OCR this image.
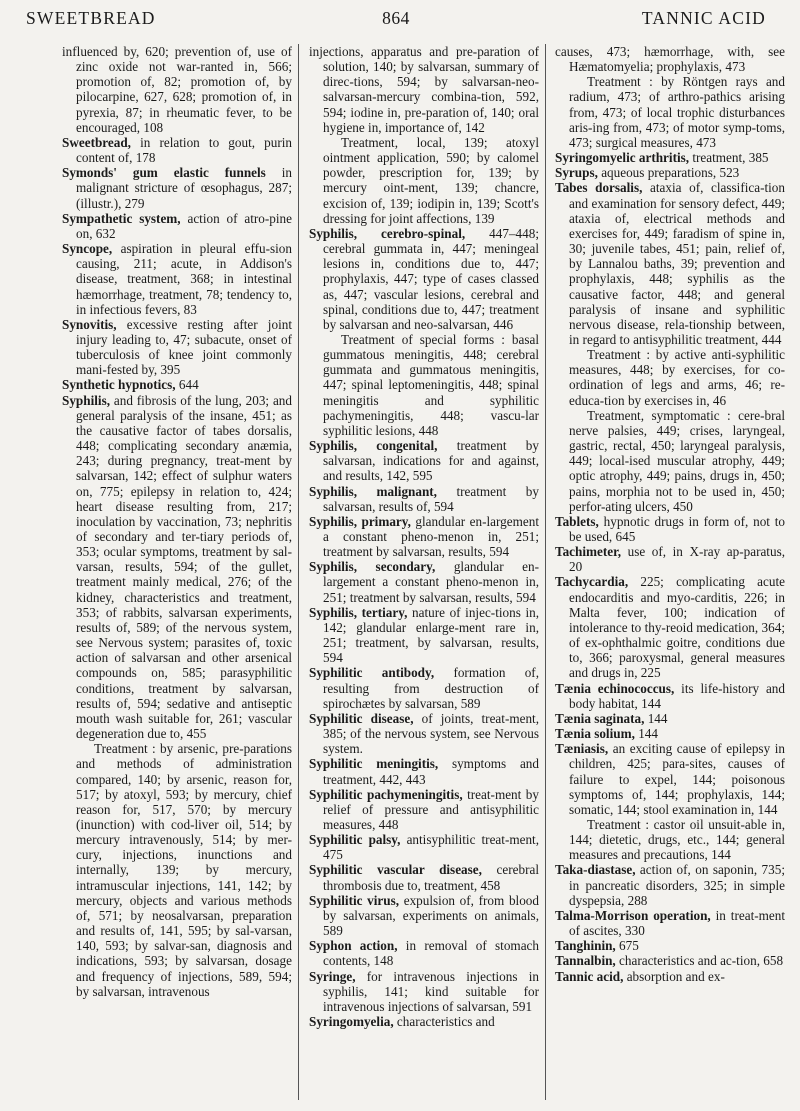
SWEETBREAD	864	TANNIC ACID

influenced by, 620; prevention of, use of zinc oxide not war-ranted in, 566; promotion of, 82; promotion of, by pilocarpine, 627, 628; promotion of, in pyrexia, 87; in rheumatic fever, to be encouraged, 108

Sweetbread, in relation to gout, purin content of, 178

Symonds' gum elastic funnels in malignant stricture of œsophagus, 287; (illustr.), 279

Sympathetic system, action of atro-pine on, 632

Syncope, aspiration in pleural effu-sion causing, 211; acute, in Addison's disease, treatment, 368; in intestinal hæmorrhage, treatment, 78; tendency to, in infectious fevers, 83

Synovitis, excessive resting after joint injury leading to, 47; subacute, onset of tuberculosis of knee joint commonly mani-fested by, 395

Synthetic hypnotics, 644

Syphilis, and fibrosis of the lung, 203; and general paralysis of the insane, 451; as the causative factor of tabes dorsalis, 448; complicating secondary anæmia, 243; during pregnancy, treat-ment by salvarsan, 142; effect of sulphur waters on, 775; epilepsy in relation to, 424; heart disease resulting from, 217; inoculation by vaccination, 73; nephritis of secondary and ter-tiary periods of, 353; ocular symptoms, treatment by sal-varsan, results, 594; of the gullet, treatment mainly medical, 276; of the kidney, characteristics and treatment, 353; of rabbits, salvarsan experiments, results of, 589; of the nervous system, see Nervous system; parasites of, toxic action of salvarsan and other arsenical compounds on, 585; parasyphilitic conditions, treatment by salvarsan, results of, 594; sedative and antiseptic mouth wash suitable for, 261; vascular degeneration due to, 455

Treatment : by arsenic, pre-parations and methods of administration compared, 140; by arsenic, reason for, 517; by atoxyl, 593; by mercury, chief reason for, 517, 570; by mercury (inunction) with cod-liver oil, 514; by mercury intravenously, 514; by mer-cury, injections, inunctions and internally, 139; by mercury, intramuscular injections, 141, 142; by mercury, objects and various methods of, 571; by neosalvarsan, preparation and results of, 141, 595; by sal-varsan, 140, 593; by salvar-san, diagnosis and indications, 593; by salvarsan, dosage and frequency of injections, 589, 594; by salvarsan, intravenous

injections, apparatus and pre-paration of solution, 140; by salvarsan, summary of direc-tions, 594; by salvarsan-neo-salvarsan-mercury combina-tion, 592, 594; iodine in, pre-paration of, 140; oral hygiene in, importance of, 142

Treatment, local, 139; atoxyl ointment application, 590; by calomel powder, prescription for, 139; by mercury oint-ment, 139; chancre, excision of, 139; iodipin in, 139; Scott's dressing for joint affections, 139

Syphilis, cerebro-spinal, 447–448; cerebral gummata in, 447; meningeal lesions in, conditions due to, 447; prophylaxis, 447; type of cases classed as, 447; vascular lesions, cerebral and spinal, conditions due to, 447; treatment by salvarsan and neo-salvarsan, 446

Treatment of special forms : basal gummatous meningitis, 448; cerebral gummata and gummatous meningitis, 447; spinal leptomeningitis, 448; spinal meningitis and syphilitic pachymeningitis, 448; vascu-lar syphilitic lesions, 448

Syphilis, congenital, treatment by salvarsan, indications for and against, and results, 142, 595

Syphilis, malignant, treatment by salvarsan, results of, 594

Syphilis, primary, glandular en-largement a constant pheno-menon in, 251; treatment by salvarsan, results, 594

Syphilis, secondary, glandular en-largement a constant pheno-menon in, 251; treatment by salvarsan, results, 594

Syphilis, tertiary, nature of injec-tions in, 142; glandular enlarge-ment rare in, 251; treatment, by salvarsan, results, 594

Syphilitic antibody, formation of, resulting from destruction of spirochætes by salvarsan, 589

Syphilitic disease, of joints, treat-ment, 385; of the nervous system, see Nervous system.

Syphilitic meningitis, symptoms and treatment, 442, 443

Syphilitic pachymeningitis, treat-ment by relief of pressure and antisyphilitic measures, 448

Syphilitic palsy, antisyphilitic treat-ment, 475

Syphilitic vascular disease, cerebral thrombosis due to, treatment, 458

Syphilitic virus, expulsion of, from blood by salvarsan, experiments on animals, 589

Syphon action, in removal of stomach contents, 148

Syringe, for intravenous injections in syphilis, 141; kind suitable for intravenous injections of salvarsan, 591

Syringomyelia, characteristics and

causes, 473; hæmorrhage, with, see Hæmatomyelia; prophylaxis, 473

Treatment : by Röntgen rays and radium, 473; of arthro-pathics arising from, 473; of local trophic disturbances aris-ing from, 473; of motor symp-toms, 473; surgical measures, 473

Syringomyelic arthritis, treatment, 385

Syrups, aqueous preparations, 523

Tabes dorsalis, ataxia of, classifica-tion and examination for sensory defect, 449; ataxia of, electrical methods and exercises for, 449; faradism of spine in, 30; juvenile tabes, 451; pain, relief of, by Lannalou baths, 39; prevention and prophylaxis, 448; syphilis as the causative factor, 448; and general paralysis of insane and syphilitic nervous disease, rela-tionship between, in regard to antisyphilitic treatment, 444

Treatment : by active anti-syphilitic measures, 448; by exercises, for co-ordination of legs and arms, 46; re-educa-tion by exercises in, 46

Treatment, symptomatic : cere-bral nerve palsies, 449; crises, laryngeal, gastric, rectal, 450; laryngeal paralysis, 449; local-ised muscular atrophy, 449; optic atrophy, 449; pains, drugs in, 450; pains, morphia not to be used in, 450; perfor-ating ulcers, 450

Tablets, hypnotic drugs in form of, not to be used, 645

Tachimeter, use of, in X-ray ap-paratus, 20

Tachycardia, 225; complicating acute endocarditis and myo-carditis, 226; in Malta fever, 100; indication of intolerance to thy-reoid medication, 364; of ex-ophthalmic goitre, conditions due to, 366; paroxysmal, general measures and drugs in, 225

Tænia echinococcus, its life-history and body habitat, 144

Tænia saginata, 144

Tænia solium, 144

Tæniasis, an exciting cause of epilepsy in children, 425; para-sites, causes of failure to expel, 144; poisonous symptoms of, 144; prophylaxis, 144; somatic, 144; stool examination in, 144

Treatment : castor oil unsuit-able in, 144; dietetic, drugs, etc., 144; general measures and precautions, 144

Taka-diastase, action of, on saponin, 735; in pancreatic disorders, 325; in simple dyspepsia, 288

Talma-Morrison operation, in treat-ment of ascites, 330

Tanghinin, 675

Tannalbin, characteristics and ac-tion, 658

Tannic acid, absorption and ex-
